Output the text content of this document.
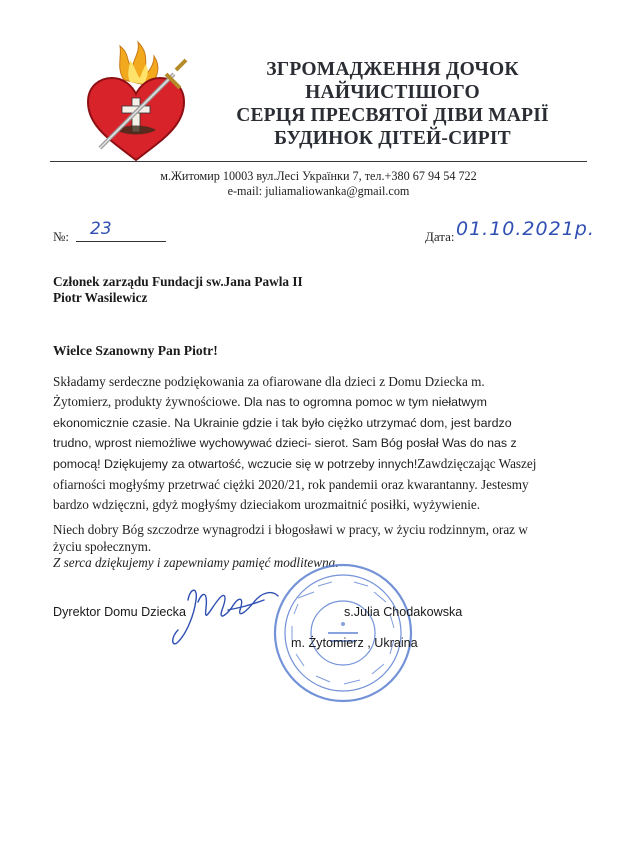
ЗГРОМАДЖЕННЯ ДОЧОК
НАЙЧИСТІШОГО
СЕРЦЯ ПРЕСВЯТОЇ ДІВИ МАРІЇ
БУДИНОК ДІТЕЙ-СИРІТ
м.Житомир 10003 вул.Лесі Українки 7, тел.+380 67 94 54 722
e-mail: juliamaliowanka@gmail.com
№: 23	Дата: 01.10.2021р.
Członek zarządu Fundacji sw.Jana Pawla II
Piotr Wasilewicz
Wielce Szanowny Pan Piotr!
Składamy serdeczne podziękowania za ofiarowane dla dzieci z Domu Dziecka m.
Żytomierz, produkty żywnościowe. Dla nas to ogromna pomoc w tym niełatwym
ekonomicznie czasie. Na Ukrainie gdzie i tak było ciężko utrzymać dom, jest bardzo
trudno, wprost niemożliwe wychowywać dzieci- sierot. Sam Bóg posłał Was do nas z
pomocą! Dziękujemy za otwartość, wczucie się w potrzeby innych!Zawdzięczając Waszej
ofiarności mogłyśmy przetrwać ciężki 2020/21, rok pandemii oraz kwarantanny. Jestesmy
bardzo wdzięczni, gdyż mogłyśmy dzieciakom urozmaitnić posiłki, wyżywienie.
Niech dobry Bóg szczodrze wynagrodzi i błogosławi w pracy, w życiu rodzinnym, oraz w
życiu społecznym.
Z serca dziękujemy i zapewniamy pamięć modlitewna.
Dyrektor Domu Dziecka	s.Julia Chodakowska
m. Żytomierz , Ukraina
